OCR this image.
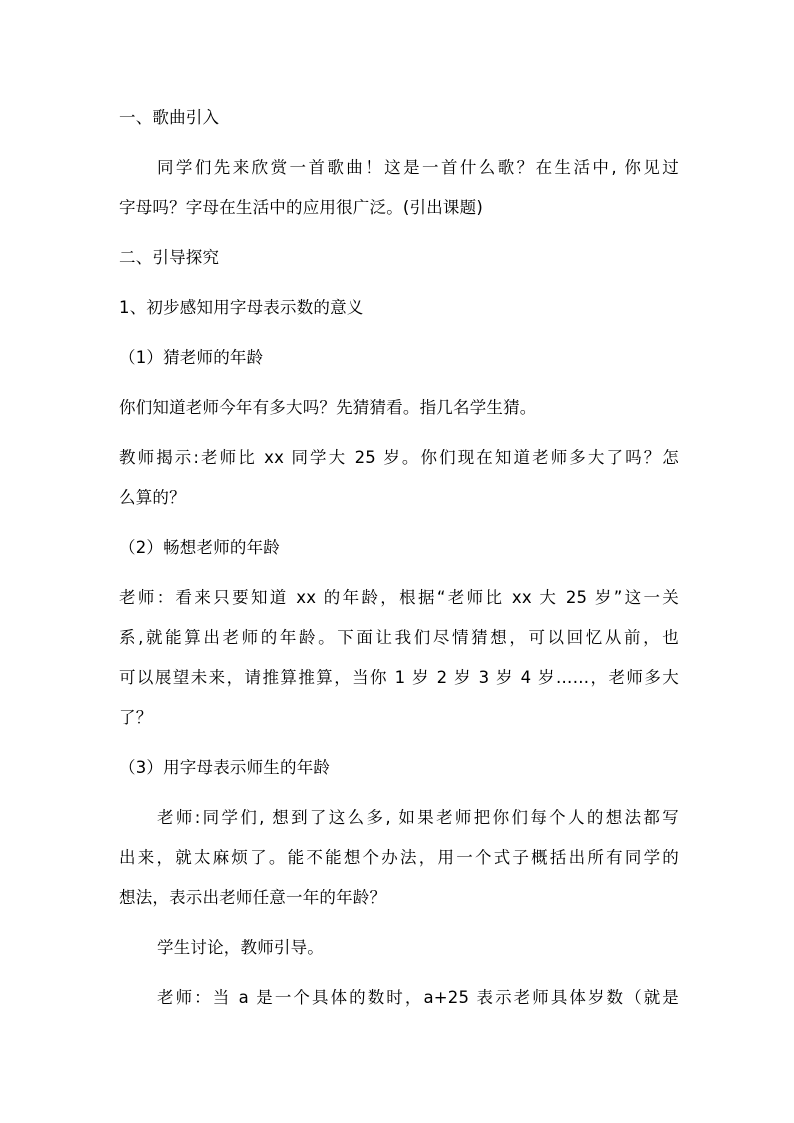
一、歌曲引入
同学们先来欣赏一首歌曲！这是一首什么歌？在生活中, 你见过
字母吗？字母在生活中的应用很广泛。(引出课题)
二、引导探究
1、初步感知用字母表示数的意义
（1）猜老师的年龄
你们知道老师今年有多大吗？先猜猜看。指几名学生猜。
教师揭示:老师比 xx 同学大 25 岁。你们现在知道老师多大了吗？怎
么算的？
（2）畅想老师的年龄
老师：看来只要知道 xx 的年龄，根据“老师比 xx 大 25 岁”这一关
系,就能算出老师的年龄。下面让我们尽情猜想，可以回忆从前，也
可以展望未来，请推算推算，当你 1 岁 2 岁 3 岁 4 岁……，老师多大
了？
（3）用字母表示师生的年龄
老师:同学们, 想到了这么多, 如果老师把你们每个人的想法都写
出来，就太麻烦了。能不能想个办法，用一个式子概括出所有同学的
想法，表示出老师任意一年的年龄？
学生讨论，教师引导。
老师：当 a 是一个具体的数时，a+25 表示老师具体岁数（就是
